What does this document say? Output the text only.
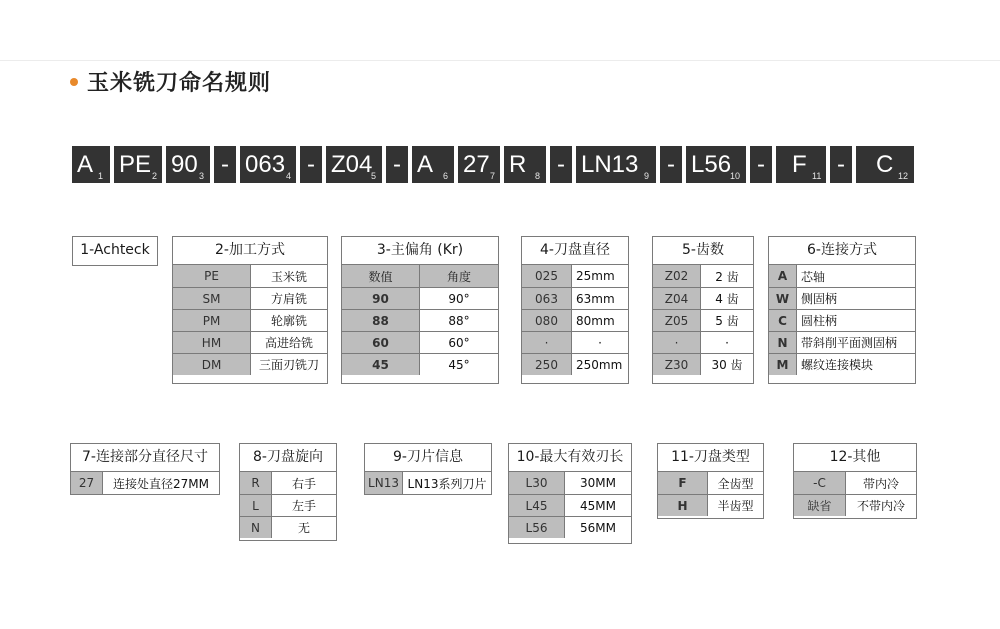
玉米铣刀命名规则
A 1 PE 2 90 3 - 063 4 - Z04
5 - A 6 27 7 R 8 - LN13 9 - L56
10 - F 11 - C 12
1-Achteck	2-加工方式
PE	玉米铣
SM	方肩铣
PM	轮廓铣
HM	高进给铣
DM	三面刃铣刀
3-主偏角 (Kr)
数值	角度
90	90°
88	88°
60	60°
45	45°
4-刀盘直径
025	25mm
063	63mm
080	80mm
·	·
250	250mm
5-齿数
Z02	2 齿
Z04	4 齿
Z05	5 齿
·	·
Z30	30 齿
6-连接方式
A	芯轴
W 侧固柄
C	圆柱柄
N	带斜削平面测固柄
M	螺纹连接模块
7-连接部分直径尺寸
27	连接处直径27MM
8-刀盘旋向
R	右手
L	左手
N	无
9-刀片信息
LN13 LN13系列刀片
10-最大有效刃长
L30	30MM
L45	45MM
L56	56MM
11-刀盘类型
F	全齿型
H	半齿型
12-其他
-C	带内冷
缺省	不带内冷
